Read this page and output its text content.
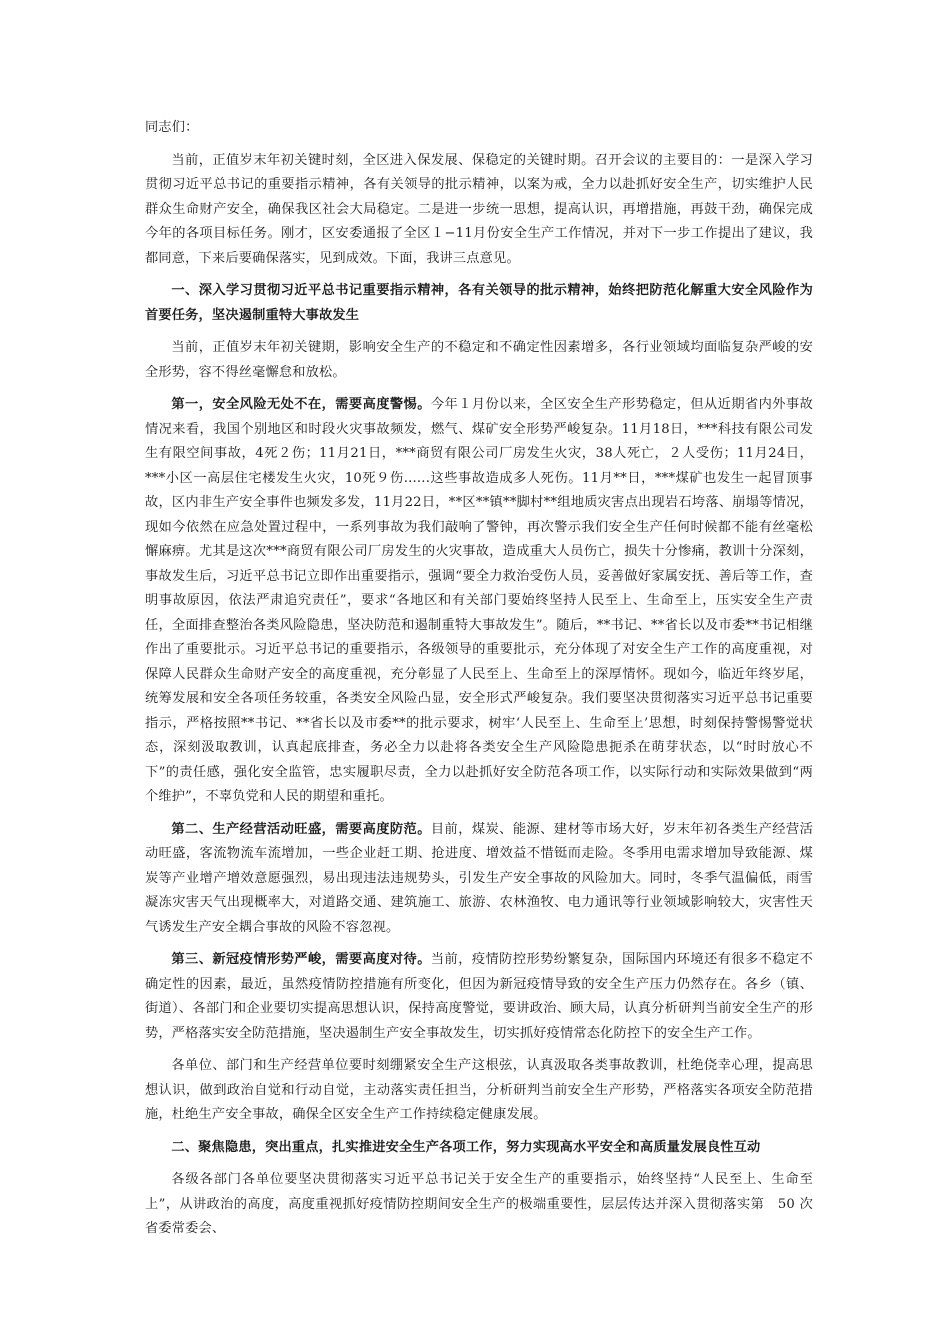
同志们：

当前，正值岁末年初关键时刻，全区进入保发展、保稳定的关键时期。召开会议的主要目的：一是深入学习贯彻习近平总书记的重要指示精神，各有关领导的批示精神，以案为戒，全力以赴抓好安全生产，切实维护人民群众生命财产安全，确保我区社会大局稳定。二是进一步统一思想，提高认识，再增措施，再鼓干劲，确保完成今年的各项目标任务。刚才，区安委通报了全区１−11月份安全生产工作情况，并对下一步工作提出了建议，我都同意，下来后要确保落实，见到成效。下面，我讲三点意见。

一、深入学习贯彻习近平总书记重要指示精神，各有关领导的批示精神，始终把防范化解重大安全风险作为首要任务，坚决遏制重特大事故发生

当前，正值岁末年初关键期，影响安全生产的不稳定和不确定性因素增多，各行业领域均面临复杂严峻的安全形势，容不得丝毫懈怠和放松。

第一，安全风险无处不在，需要高度警惕。今年１月份以来，全区安全生产形势稳定，但从近期省内外事故情况来看，我国个别地区和时段火灾事故频发，燃气、煤矿安全形势严峻复杂。11月18日，***科技有限公司发生有限空间事故，4死２伤；11月21日，***商贸有限公司厂房发生火灾，38人死亡，２人受伤；11月24日，***小区一高层住宅楼发生火灾，10死９伤......这些事故造成多人死伤。11月**日，***煤矿也发生一起冒顶事故，区内非生产安全事件也频发多发，11月22日，**区**镇**脚村**组地质灾害点出现岩石垮落、崩塌等情况，现如今依然在应急处置过程中，一系列事故为我们敲响了警钟，再次警示我们安全生产任何时候都不能有丝毫松懈麻痹。尤其是这次***商贸有限公司厂房发生的火灾事故，造成重大人员伤亡，损失十分惨痛，教训十分深刻，事故发生后，习近平总书记立即作出重要指示，强调“要全力救治受伤人员，妥善做好家属安抚、善后等工作，查明事故原因，依法严肃追究责任”，要求“各地区和有关部门要始终坚持人民至上、生命至上，压实安全生产责任，全面排查整治各类风险隐患，坚决防范和遏制重特大事故发生”。随后，**书记、**省长以及市委**书记相继作出了重要批示。习近平总书记的重要指示，各级领导的重要批示，充分体现了对安全生产工作的高度重视，对保障人民群众生命财产安全的高度重视，充分彰显了人民至上、生命至上的深厚情怀。现如今，临近年终岁尾，统筹发展和安全各项任务较重，各类安全风险凸显，安全形式严峻复杂。我们要坚决贯彻落实习近平总书记重要指示，严格按照**书记、**省长以及市委**的批示要求，树牢‘人民至上、生命至上’思想，时刻保持警惕警觉状态，深刻汲取教训，认真起底排查，务必全力以赴将各类安全生产风险隐患扼杀在萌芽状态，以“时时放心不下”的责任感，强化安全监管，忠实履职尽责，全力以赴抓好安全防范各项工作，以实际行动和实际效果做到“两个维护”，不辜负党和人民的期望和重托。

第二、生产经营活动旺盛，需要高度防范。目前，煤炭、能源、建材等市场大好，岁末年初各类生产经营活动旺盛，客流物流车流增加，一些企业赶工期、抢进度、增效益不惜铤而走险。冬季用电需求增加导致能源、煤炭等产业增产增效意愿强烈，易出现违法违规势头，引发生产安全事故的风险加大。同时，冬季气温偏低，雨雪凝冻灾害天气出现概率大，对道路交通、建筑施工、旅游、农林渔牧、电力通讯等行业领域影响较大，灾害性天气诱发生产安全耦合事故的风险不容忽视。

第三、新冠疫情形势严峻，需要高度对待。当前，疫情防控形势纷繁复杂，国际国内环境还有很多不稳定不确定性的因素，最近，虽然疫情防控措施有所变化，但因为新冠疫情导致的安全生产压力仍然存在。各乡（镇、街道）、各部门和企业要切实提高思想认识，保持高度警觉，要讲政治、顾大局，认真分析研判当前安全生产的形势，严格落实安全防范措施，坚决遏制生产安全事故发生，切实抓好疫情常态化防控下的安全生产工作。

各单位、部门和生产经营单位要时刻绷紧安全生产这根弦，认真汲取各类事故教训，杜绝侥幸心理，提高思想认识，做到政治自觉和行动自觉，主动落实责任担当，分析研判当前安全生产形势，严格落实各项安全防范措施，杜绝生产安全事故，确保全区安全生产工作持续稳定健康发展。

二、聚焦隐患，突出重点，扎实推进安全生产各项工作，努力实现高水平安全和高质量发展良性互动

各级各部门各单位要坚决贯彻落实习近平总书记关于安全生产的重要指示，始终坚持“人民至上、生命至上”，从讲政治的高度，高度重视抓好疫情防控期间安全生产的极端重要性，层层传达并深入贯彻落实第　50 次省委常委会、
